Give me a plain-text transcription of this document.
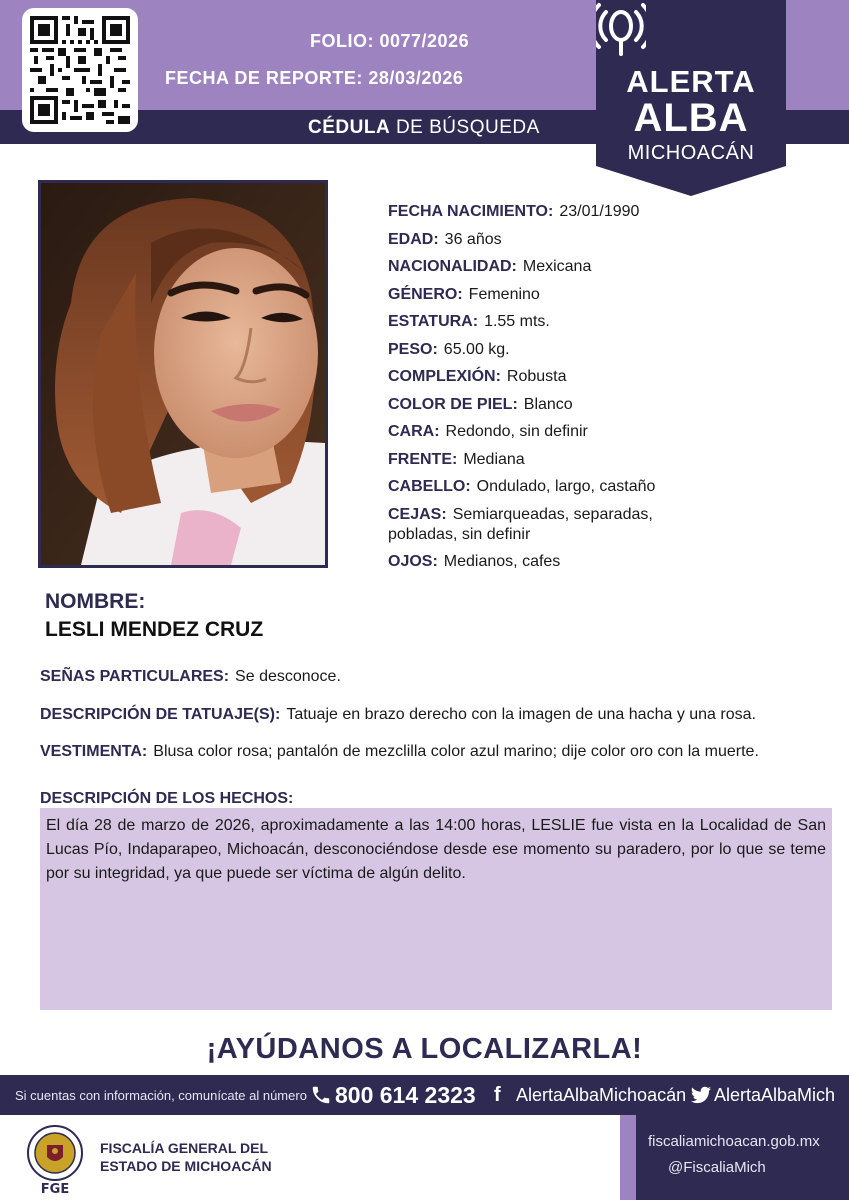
FOLIO: 0077/2026
FECHA DE REPORTE: 28/03/2026
CÉDULA DE BÚSQUEDA
ALERTA
ALBA
MICHOACÁN
FECHA NACIMIENTO: 23/01/1990
EDAD: 36 años
NACIONALIDAD: Mexicana
GÉNERO: Femenino
ESTATURA: 1.55 mts.
PESO: 65.00 kg.
COMPLEXIÓN: Robusta
COLOR DE PIEL: Blanco
CARA: Redondo, sin definir
FRENTE: Mediana
CABELLO: Ondulado, largo, castaño
CEJAS: Semiarqueadas, separadas, pobladas, sin definir
OJOS: Medianos, cafes
NOMBRE:
LESLI MENDEZ CRUZ
SEÑAS PARTICULARES: Se desconoce.
DESCRIPCIÓN DE TATUAJE(S): Tatuaje en brazo derecho con la imagen de una hacha y una rosa.
VESTIMENTA: Blusa color rosa; pantalón de mezclilla color azul marino; dije color oro con la muerte.
DESCRIPCIÓN DE LOS HECHOS:
El día 28 de marzo de 2026, aproximadamente a las 14:00 horas, LESLIE fue vista en la Localidad de San Lucas Pío, Indaparapeo, Michoacán, desconociéndose desde ese momento su paradero, por lo que se teme por su integridad, ya que puede ser víctima de algún delito.
¡AYÚDANOS A LOCALIZARLA!
Si cuentas con información, comunícate al número 800 614 2323 f AlertaAlbaMichoacán AlertaAlbaMich
FGE
FISCALÍA GENERAL DEL
ESTADO DE MICHOACÁN
fiscaliamichoacan.gob.mx
@FiscaliaMich
